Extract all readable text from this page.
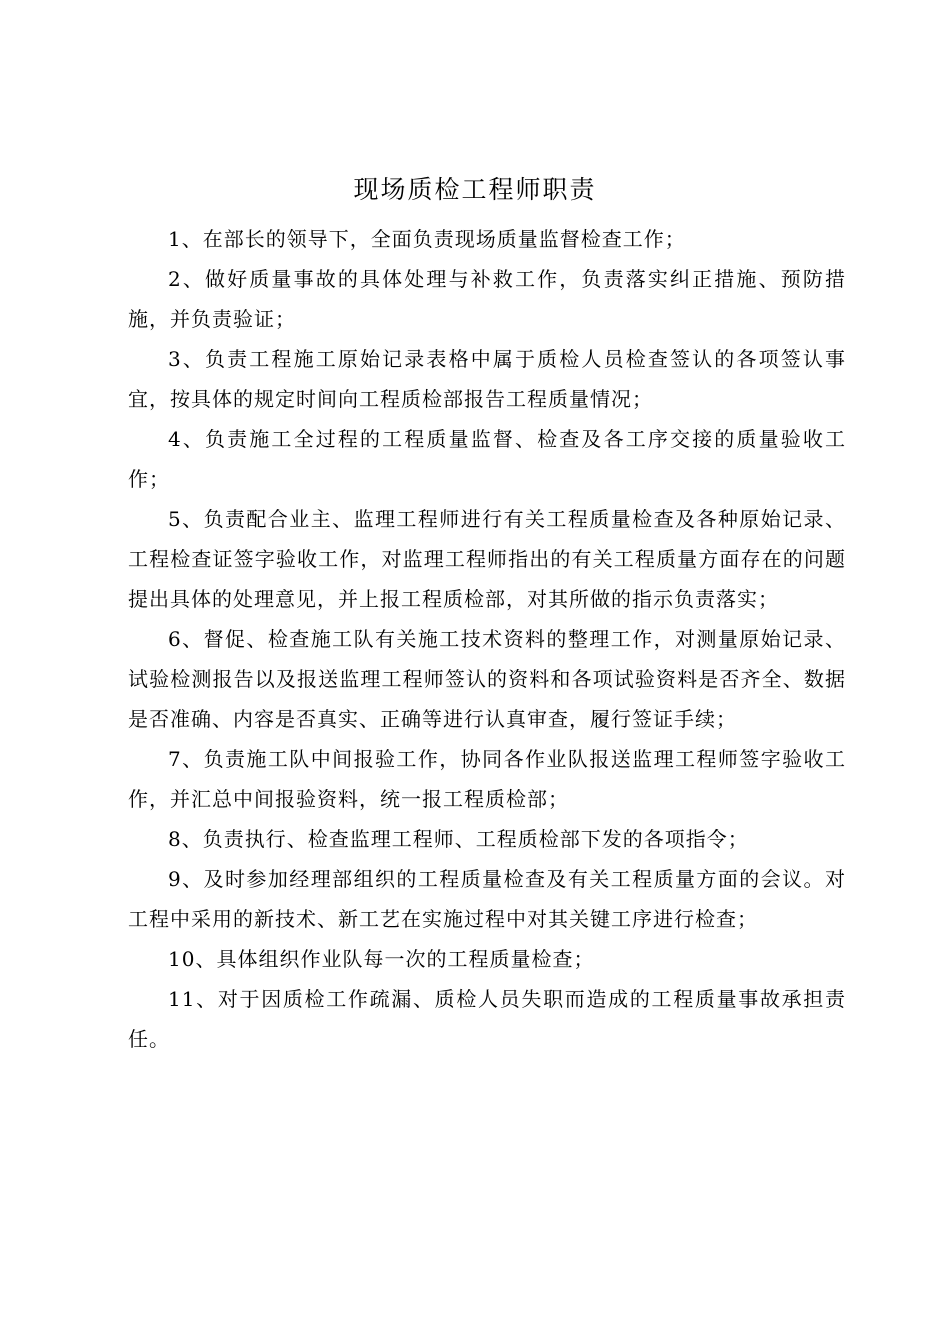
现场质检工程师职责

1、在部长的领导下，全面负责现场质量监督检查工作；

2、做好质量事故的具体处理与补救工作，负责落实纠正措施、预防措施，并负责验证；

3、负责工程施工原始记录表格中属于质检人员检查签认的各项签认事宜，按具体的规定时间向工程质检部报告工程质量情况；

4、负责施工全过程的工程质量监督、检查及各工序交接的质量验收工作；

5、负责配合业主、监理工程师进行有关工程质量检查及各种原始记录、工程检查证签字验收工作，对监理工程师指出的有关工程质量方面存在的问题提出具体的处理意见，并上报工程质检部，对其所做的指示负责落实；

6、督促、检查施工队有关施工技术资料的整理工作，对测量原始记录、试验检测报告以及报送监理工程师签认的资料和各项试验资料是否齐全、数据是否准确、内容是否真实、正确等进行认真审查，履行签证手续；

7、负责施工队中间报验工作，协同各作业队报送监理工程师签字验收工作，并汇总中间报验资料，统一报工程质检部；

8、负责执行、检查监理工程师、工程质检部下发的各项指令；

9、及时参加经理部组织的工程质量检查及有关工程质量方面的会议。对工程中采用的新技术、新工艺在实施过程中对其关键工序进行检查；

10、具体组织作业队每一次的工程质量检查；

11、对于因质检工作疏漏、质检人员失职而造成的工程质量事故承担责任。
